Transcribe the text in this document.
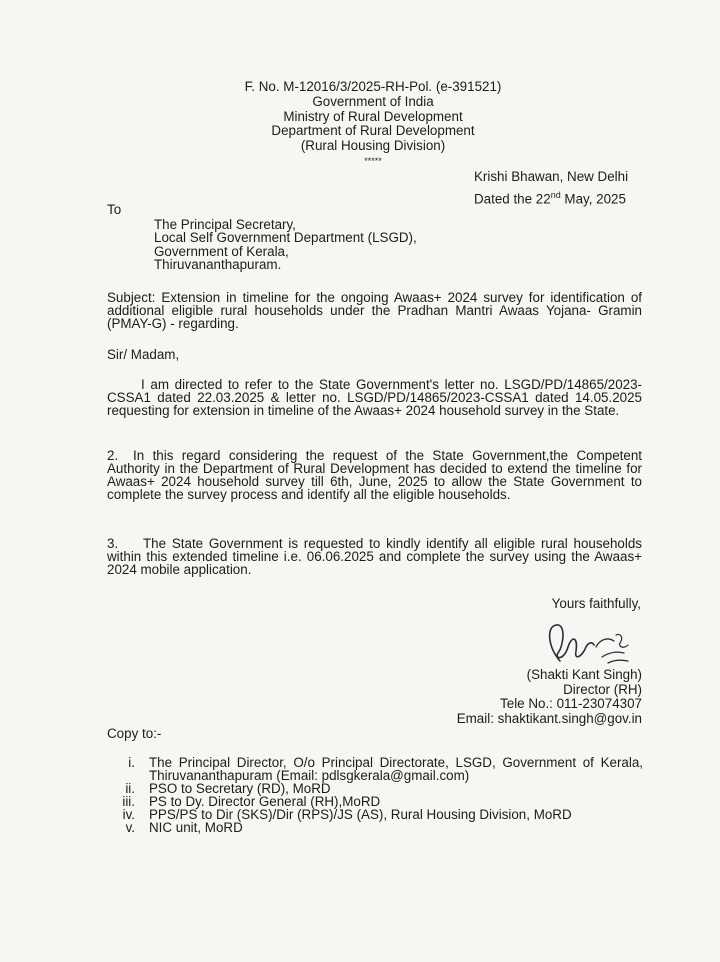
F. No. M-12016/3/2025-RH-Pol. (e-391521)
Government of India
Ministry of Rural Development
Department of Rural Development
(Rural Housing Division)
*****
Krishi Bhawan, New Delhi
Dated the 22nd May, 2025
To
The Principal Secretary,
Local Self Government Department (LSGD),
Government of Kerala,
Thiruvananthapuram.
Subject: Extension in timeline for the ongoing Awaas+ 2024 survey for identification of additional eligible rural households under the Pradhan Mantri Awaas Yojana- Gramin (PMAY-G) - regarding.
Sir/ Madam,
I am directed to refer to the State Government's letter no. LSGD/PD/14865/2023-CSSA1 dated 22.03.2025 & letter no. LSGD/PD/14865/2023-CSSA1 dated 14.05.2025 requesting for extension in timeline of the Awaas+ 2024 household survey in the State.
2. In this regard considering the request of the State Government,the Competent Authority in the Department of Rural Development has decided to extend the timeline for Awaas+ 2024 household survey till 6th, June, 2025 to allow the State Government to complete the survey process and identify all the eligible households.
3. The State Government is requested to kindly identify all eligible rural households within this extended timeline i.e. 06.06.2025 and complete the survey using the Awaas+ 2024 mobile application.
Yours faithfully,
(Shakti Kant Singh)
Director (RH)
Tele No.: 011-23074307
Email: shaktikant.singh@gov.in
Copy to:-
i.	The Principal Director, O/o Principal Directorate, LSGD, Government of Kerala, Thiruvananthapuram (Email: pdlsgkerala@gmail.com)
ii.	PSO to Secretary (RD), MoRD
iii.	PS to Dy. Director General (RH),MoRD
iv.	PPS/PS to Dir (SKS)/Dir (RPS)/JS (AS), Rural Housing Division, MoRD
v.	NIC unit, MoRD
